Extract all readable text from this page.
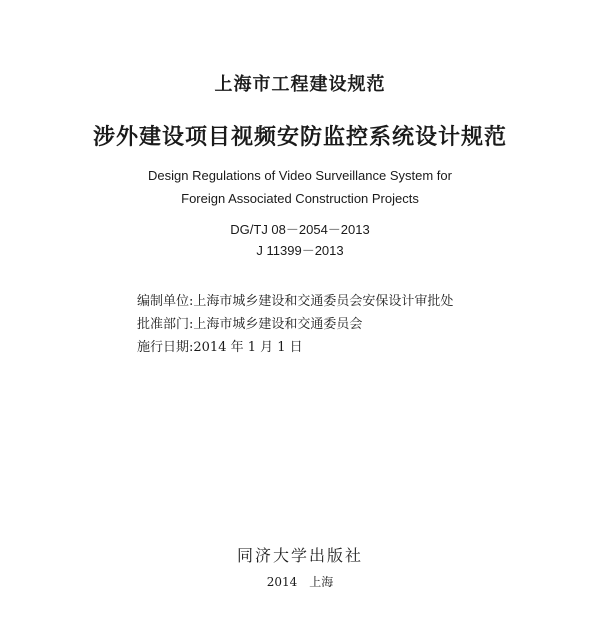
上海市工程建设规范
涉外建设项目视频安防监控系统设计规范
Design Regulations of Video Surveillance System for
Foreign Associated Construction Projects
DG/TJ 08－2054－2013
J 11399－2013
编制单位:上海市城乡建设和交通委员会安保设计审批处
批准部门:上海市城乡建设和交通委员会
施行日期:2014 年 1 月 1 日
同济大学出版社
2014 上海
